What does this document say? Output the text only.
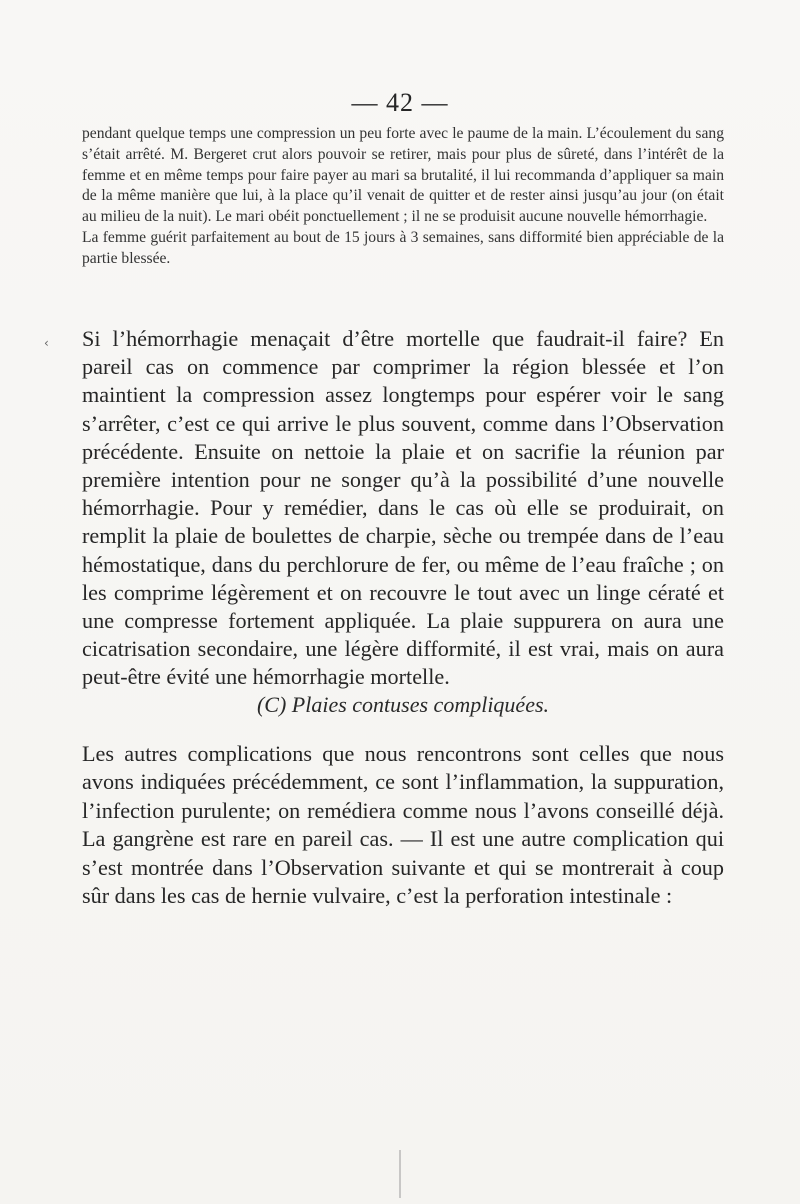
— 42 —

pendant quelque temps une compression un peu forte avec le paume de la main. L’écoulement du sang s’était arrêté. M. Bergeret crut alors pouvoir se retirer, mais pour plus de sûreté, dans l’intérêt de la femme et en même temps pour faire payer au mari sa brutalité, il lui recommanda d’appliquer sa main de la même manière que lui, à la place qu’il venait de quitter et de rester ainsi jusqu’au jour (on était au milieu de la nuit). Le mari obéit ponctuellement ; il ne se produisit aucune nouvelle hémorrhagie.

La femme guérit parfaitement au bout de 15 jours à 3 semaines, sans difformité bien appréciable de la partie blessée.

‹ Si l’hémorrhagie menaçait d’être mortelle que faudrait-il faire? En pareil cas on commence par comprimer la région blessée et l’on maintient la compression assez longtemps pour espérer voir le sang s’arrêter, c’est ce qui arrive le plus souvent, comme dans l’Observation précédente. Ensuite on nettoie la plaie et on sacrifie la réunion par première intention pour ne songer qu’à la possibilité d’une nouvelle hémorrhagie. Pour y remédier, dans le cas où elle se produirait, on remplit la plaie de boulettes de charpie, sèche ou trempée dans de l’eau hémostatique, dans du perchlorure de fer, ou même de l’eau fraîche ; on les comprime légèrement et on recouvre le tout avec un linge cératé et une compresse fortement appliquée. La plaie suppurera on aura une cicatrisation secondaire, une légère difformité, il est vrai, mais on aura peut-être évité une hémorrhagie mortelle.

(C) Plaies contuses compliquées.

Les autres complications que nous rencontrons sont celles que nous avons indiquées précédemment, ce sont l’inflammation, la suppuration, l’infection purulente; on remédiera comme nous l’avons conseillé déjà. La gangrène est rare en pareil cas. — Il est une autre complication qui s’est montrée dans l’Observation suivante et qui se montrerait à coup sûr dans les cas de hernie vulvaire, c’est la perforation intestinale :
